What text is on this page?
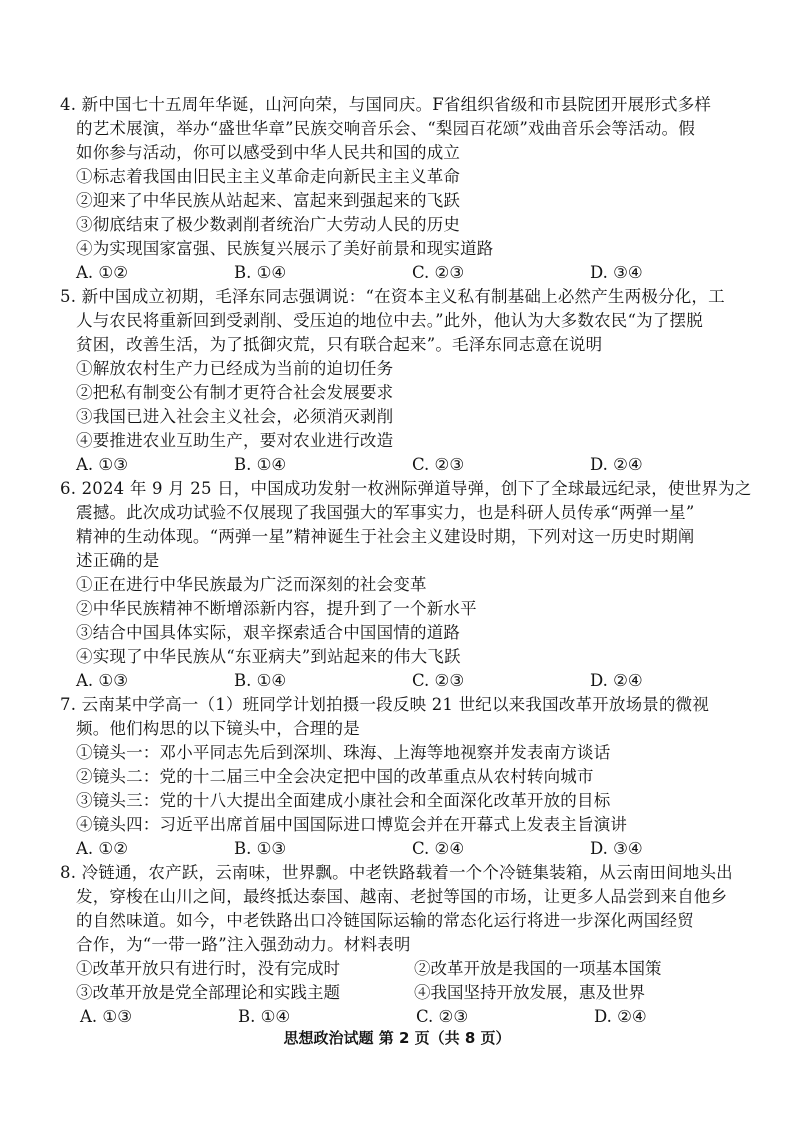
4. 新中国七十五周年华诞，山河向荣，与国同庆。F省组织省级和市县院团开展形式多样
的艺术展演，举办“盛世华章”民族交响音乐会、“梨园百花颂”戏曲音乐会等活动。假
如你参与活动，你可以感受到中华人民共和国的成立
①标志着我国由旧民主主义革命走向新民主主义革命
②迎来了中华民族从站起来、富起来到强起来的飞跃
③彻底结束了极少数剥削者统治广大劳动人民的历史
④为实现国家富强、民族复兴展示了美好前景和现实道路
A. ①②	B. ①④	C. ②③	D. ③④
5. 新中国成立初期，毛泽东同志强调说：“在资本主义私有制基础上必然产生两极分化，工
人与农民将重新回到受剥削、受压迫的地位中去。”此外，他认为大多数农民“为了摆脱
贫困，改善生活，为了抵御灾荒，只有联合起来”。毛泽东同志意在说明
①解放农村生产力已经成为当前的迫切任务
②把私有制变公有制才更符合社会发展要求
③我国已进入社会主义社会，必须消灭剥削
④要推进农业互助生产，要对农业进行改造
A. ①③	B. ①④	C. ②③	D. ②④
6. 2024 年 9 月 25 日，中国成功发射一枚洲际弹道导弹，创下了全球最远纪录，使世界为之
震撼。此次成功试验不仅展现了我国强大的军事实力，也是科研人员传承“两弹一星”
精神的生动体现。“两弹一星”精神诞生于社会主义建设时期，下列对这一历史时期阐
述正确的是
①正在进行中华民族最为广泛而深刻的社会变革
②中华民族精神不断增添新内容，提升到了一个新水平
③结合中国具体实际，艰辛探索适合中国国情的道路
④实现了中华民族从“东亚病夫”到站起来的伟大飞跃
A. ①③	B. ①④	C. ②③	D. ②④
7. 云南某中学高一（1）班同学计划拍摄一段反映 21 世纪以来我国改革开放场景的微视
频。他们构思的以下镜头中，合理的是
①镜头一：邓小平同志先后到深圳、珠海、上海等地视察并发表南方谈话
②镜头二：党的十二届三中全会决定把中国的改革重点从农村转向城市
③镜头三：党的十八大提出全面建成小康社会和全面深化改革开放的目标
④镜头四：习近平出席首届中国国际进口博览会并在开幕式上发表主旨演讲
A. ①②	B. ①③	C. ②④	D. ③④
8. 冷链通，农产跃，云南味，世界飘。中老铁路载着一个个冷链集装箱，从云南田间地头出
发，穿梭在山川之间，最终抵达泰国、越南、老挝等国的市场，让更多人品尝到来自他乡
的自然味道。如今，中老铁路出口冷链国际运输的常态化运行将进一步深化两国经贸
合作，为“一带一路”注入强劲动力。材料表明
①改革开放只有进行时，没有完成时	②改革开放是我国的一项基本国策
③改革开放是党全部理论和实践主题	④我国坚持开放发展，惠及世界
A. ①③	B. ①④	C. ②③	D. ②④
思想政治试题 第 2 页（共 8 页）
